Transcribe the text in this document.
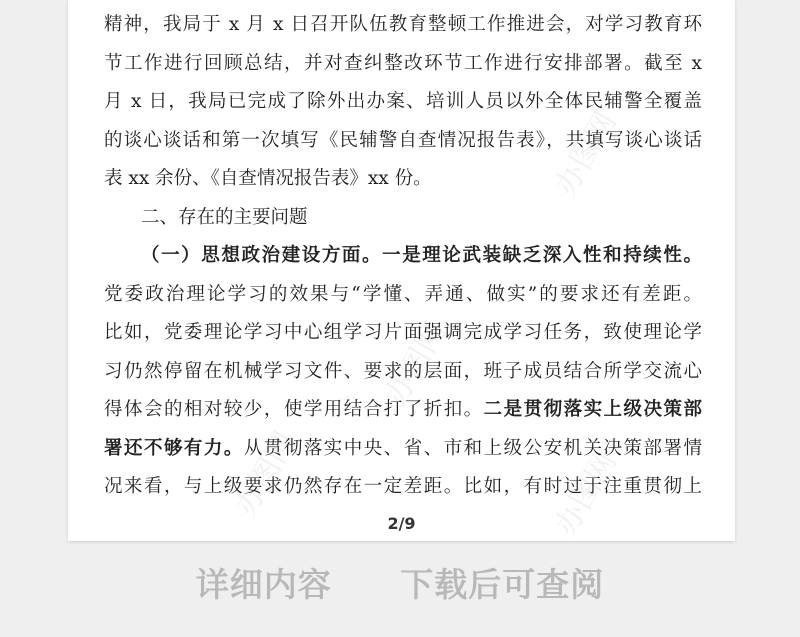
办图网
办图网
办图网
办图网
精神，我局于 x 月 x 日召开队伍教育整顿工作推进会，对学习教育环
节工作进行回顾总结，并对查纠整改环节工作进行安排部署。截至 x
月 x 日，我局已完成了除外出办案、培训人员以外全体民辅警全覆盖
的谈心谈话和第一次填写《民辅警自查情况报告表》，共填写谈心谈话
表 xx 余份、《自查情况报告表》xx 份。
二、存在的主要问题
（一）思想政治建设方面。一是理论武装缺乏深入性和持续性。
党委政治理论学习的效果与“学懂、弄通、做实”的要求还有差距。
比如，党委理论学习中心组学习片面强调完成学习任务，致使理论学
习仍然停留在机械学习文件、要求的层面，班子成员结合所学交流心
得体会的相对较少，使学用结合打了折扣。二是贯彻落实上级决策部
署还不够有力。从贯彻落实中央、省、市和上级公安机关决策部署情
况来看，与上级要求仍然存在一定差距。比如，有时过于注重贯彻上
2/9
详细内容 下载后可查阅
